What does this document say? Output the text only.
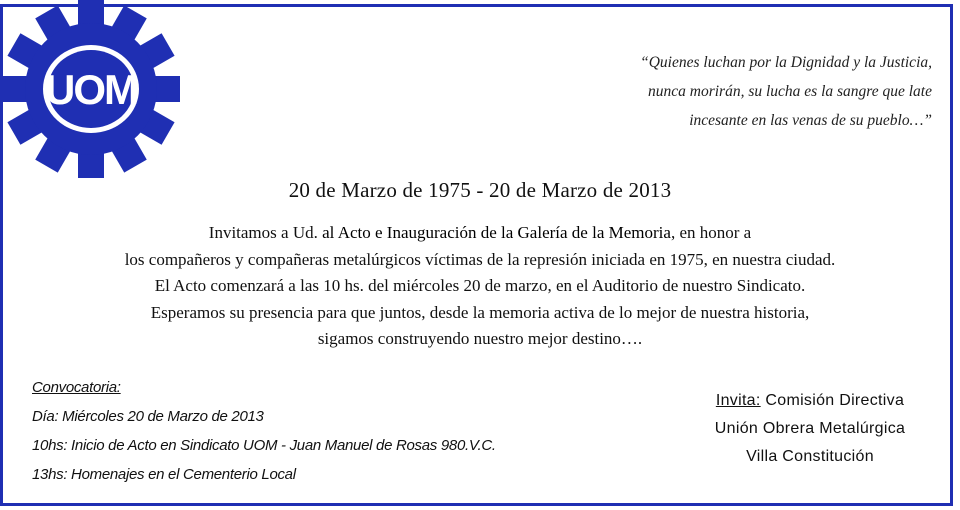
UOM
“Quienes luchan por la Dignidad y la Justicia,
nunca morirán, su lucha es la sangre que late
incesante en las venas de su pueblo…”
20 de Marzo de 1975 - 20 de Marzo de 2013
Invitamos a Ud. al Acto e Inauguración de la Galería de la Memoria, en honor a
los compañeros y compañeras metalúrgicos víctimas de la represión iniciada en 1975, en nuestra ciudad.
El Acto comenzará a las 10 hs. del miércoles 20 de marzo, en el Auditorio de nuestro Sindicato.
Esperamos su presencia para que juntos, desde la memoria activa de lo mejor de nuestra historia,
sigamos construyendo nuestro mejor destino….
Convocatoria:
Día: Miércoles 20 de Marzo de 2013
10hs: Inicio de Acto en Sindicato UOM - Juan Manuel de Rosas 980.V.C.
13hs: Homenajes en el Cementerio Local
Invita: Comisión Directiva
Unión Obrera Metalúrgica
Villa Constitución
